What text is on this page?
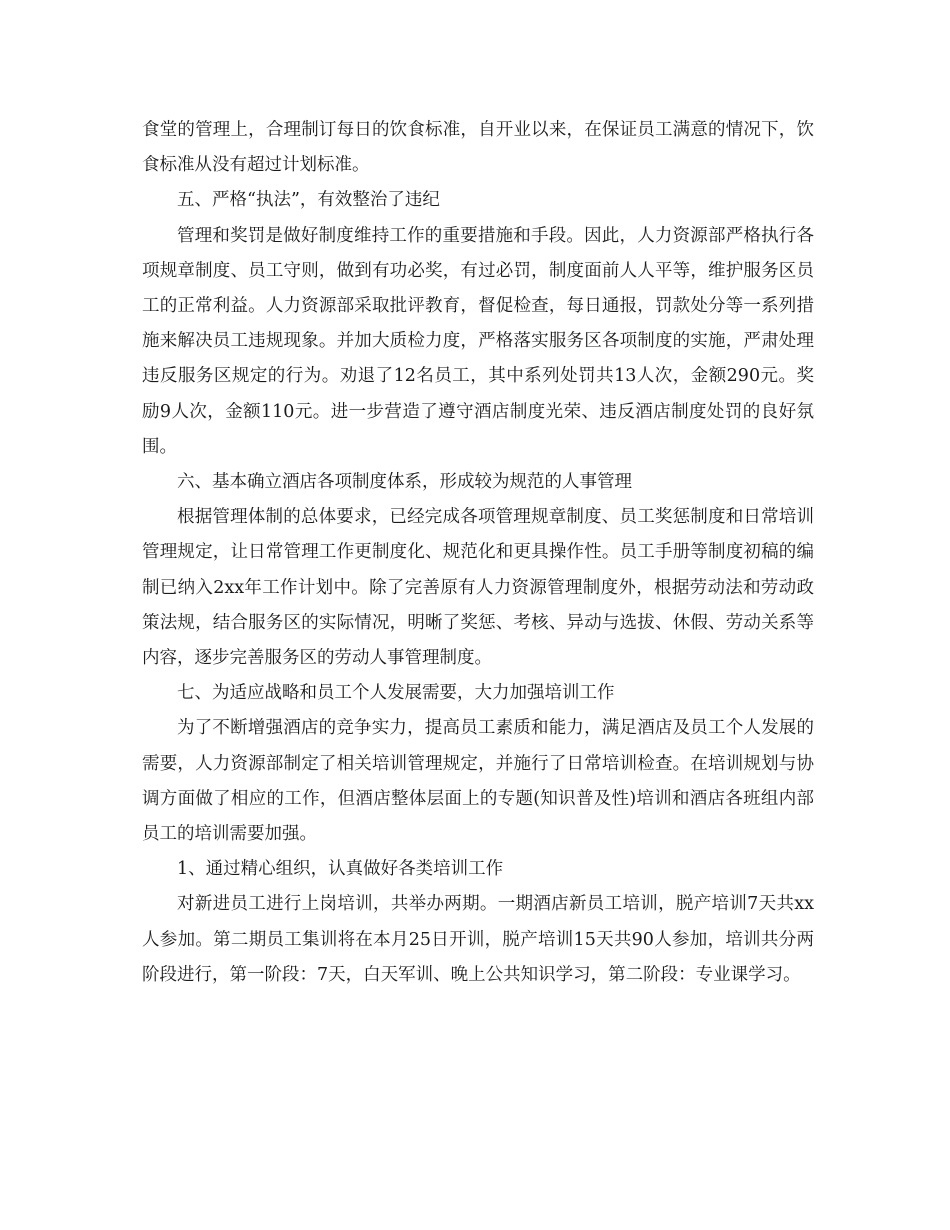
食堂的管理上，合理制订每日的饮食标准，自开业以来，在保证员工满意的情况下，饮食标准从没有超过计划标准。

五、严格“执法”，有效整治了违纪

管理和奖罚是做好制度维持工作的重要措施和手段。因此，人力资源部严格执行各项规章制度、员工守则，做到有功必奖，有过必罚，制度面前人人平等，维护服务区员工的正常利益。人力资源部采取批评教育，督促检查，每日通报，罚款处分等一系列措施来解决员工违规现象。并加大质检力度，严格落实服务区各项制度的实施，严肃处理违反服务区规定的行为。劝退了12名员工，其中系列处罚共13人次，金额290元。奖励9人次，金额110元。进一步营造了遵守酒店制度光荣、违反酒店制度处罚的良好氛围。

六、基本确立酒店各项制度体系，形成较为规范的人事管理

根据管理体制的总体要求，已经完成各项管理规章制度、员工奖惩制度和日常培训管理规定，让日常管理工作更制度化、规范化和更具操作性。员工手册等制度初稿的编制已纳入2xx年工作计划中。除了完善原有人力资源管理制度外，根据劳动法和劳动政策法规，结合服务区的实际情况，明晰了奖惩、考核、异动与选拔、休假、劳动关系等内容，逐步完善服务区的劳动人事管理制度。

七、为适应战略和员工个人发展需要，大力加强培训工作

为了不断增强酒店的竞争实力，提高员工素质和能力，满足酒店及员工个人发展的需要，人力资源部制定了相关培训管理规定，并施行了日常培训检查。在培训规划与协调方面做了相应的工作，但酒店整体层面上的专题(知识普及性)培训和酒店各班组内部员工的培训需要加强。

1、通过精心组织，认真做好各类培训工作

对新进员工进行上岗培训，共举办两期。一期酒店新员工培训，脱产培训7天共xx人参加。第二期员工集训将在本月25日开训，脱产培训15天共90人参加，培训共分两阶段进行，第一阶段：7天，白天军训、晚上公共知识学习，第二阶段：专业课学习。
